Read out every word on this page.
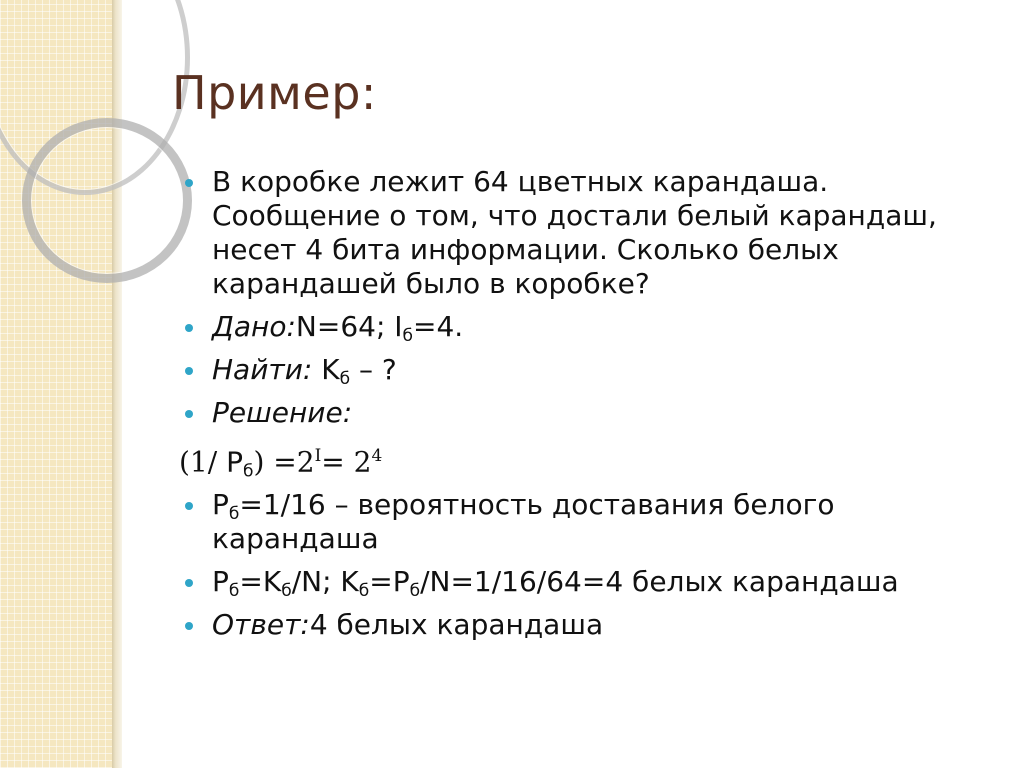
Пример:
В коробке лежит 64 цветных карандаша. Сообщение о том, что достали белый карандаш, несет 4 бита информации. Сколько белых карандашей было в коробке?
Дано:N=64; $I_б=4$.
Найти: $K_б$ – ?
Решение:
(1/ $P_б) =2^I= 2^4$
$P_б=1/16$ – вероятность доставания белого карандаша
$P_б=K_б/N$; $K_б=P_б/N=1/16/64=4$ белых карандаша
Ответ:4 белых карандаша
